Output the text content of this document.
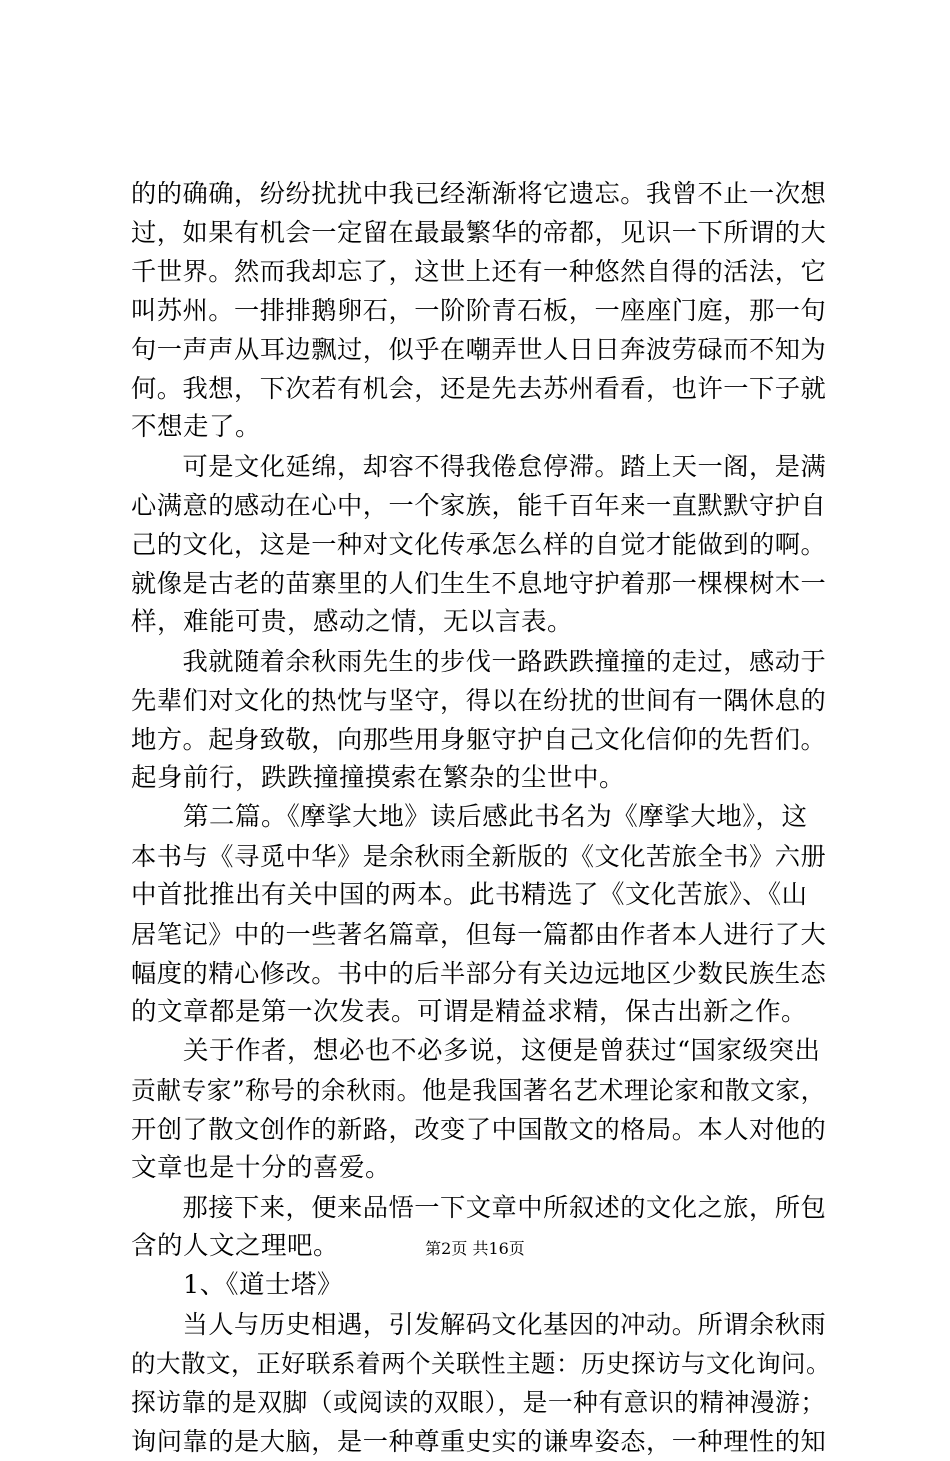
的的确确，纷纷扰扰中我已经渐渐将它遗忘。我曾不止一次想
过，如果有机会一定留在最最繁华的帝都，见识一下所谓的大
千世界。然而我却忘了，这世上还有一种悠然自得的活法，它
叫苏州。一排排鹅卵石，一阶阶青石板，一座座门庭，那一句
句一声声从耳边飘过，似乎在嘲弄世人日日奔波劳碌而不知为
何。我想，下次若有机会，还是先去苏州看看，也许一下子就
不想走了。
　　可是文化延绵，却容不得我倦怠停滞。踏上天一阁，是满
心满意的感动在心中，一个家族，能千百年来一直默默守护自
己的文化，这是一种对文化传承怎么样的自觉才能做到的啊。
就像是古老的苗寨里的人们生生不息地守护着那一棵棵树木一
样，难能可贵，感动之情，无以言表。
　　我就随着余秋雨先生的步伐一路跌跌撞撞的走过，感动于
先辈们对文化的热忱与坚守，得以在纷扰的世间有一隅休息的
地方。起身致敬，向那些用身躯守护自己文化信仰的先哲们。
起身前行，跌跌撞撞摸索在繁杂的尘世中。
　　第二篇。《摩挲大地》读后感此书名为《摩挲大地》，这
本书与《寻觅中华》是余秋雨全新版的《文化苦旅全书》六册
中首批推出有关中国的两本。此书精选了《文化苦旅》、《山
居笔记》中的一些著名篇章，但每一篇都由作者本人进行了大
幅度的精心修改。书中的后半部分有关边远地区少数民族生态
的文章都是第一次发表。可谓是精益求精，保古出新之作。
　　关于作者，想必也不必多说，这便是曾获过“国家级突出
贡献专家”称号的余秋雨。他是我国著名艺术理论家和散文家，
开创了散文创作的新路，改变了中国散文的格局。本人对他的
文章也是十分的喜爱。
　　那接下来，便来品悟一下文章中所叙述的文化之旅，所包
含的人文之理吧。
　　1、《道士塔》
　　当人与历史相遇，引发解码文化基因的冲动。所谓余秋雨
的大散文，正好联系着两个关联性主题：历史探访与文化询问。
探访靠的是双脚（或阅读的双眼），是一种有意识的精神漫游；
询问靠的是大脑，是一种尊重史实的谦卑姿态，一种理性的知
第2页 共16页
